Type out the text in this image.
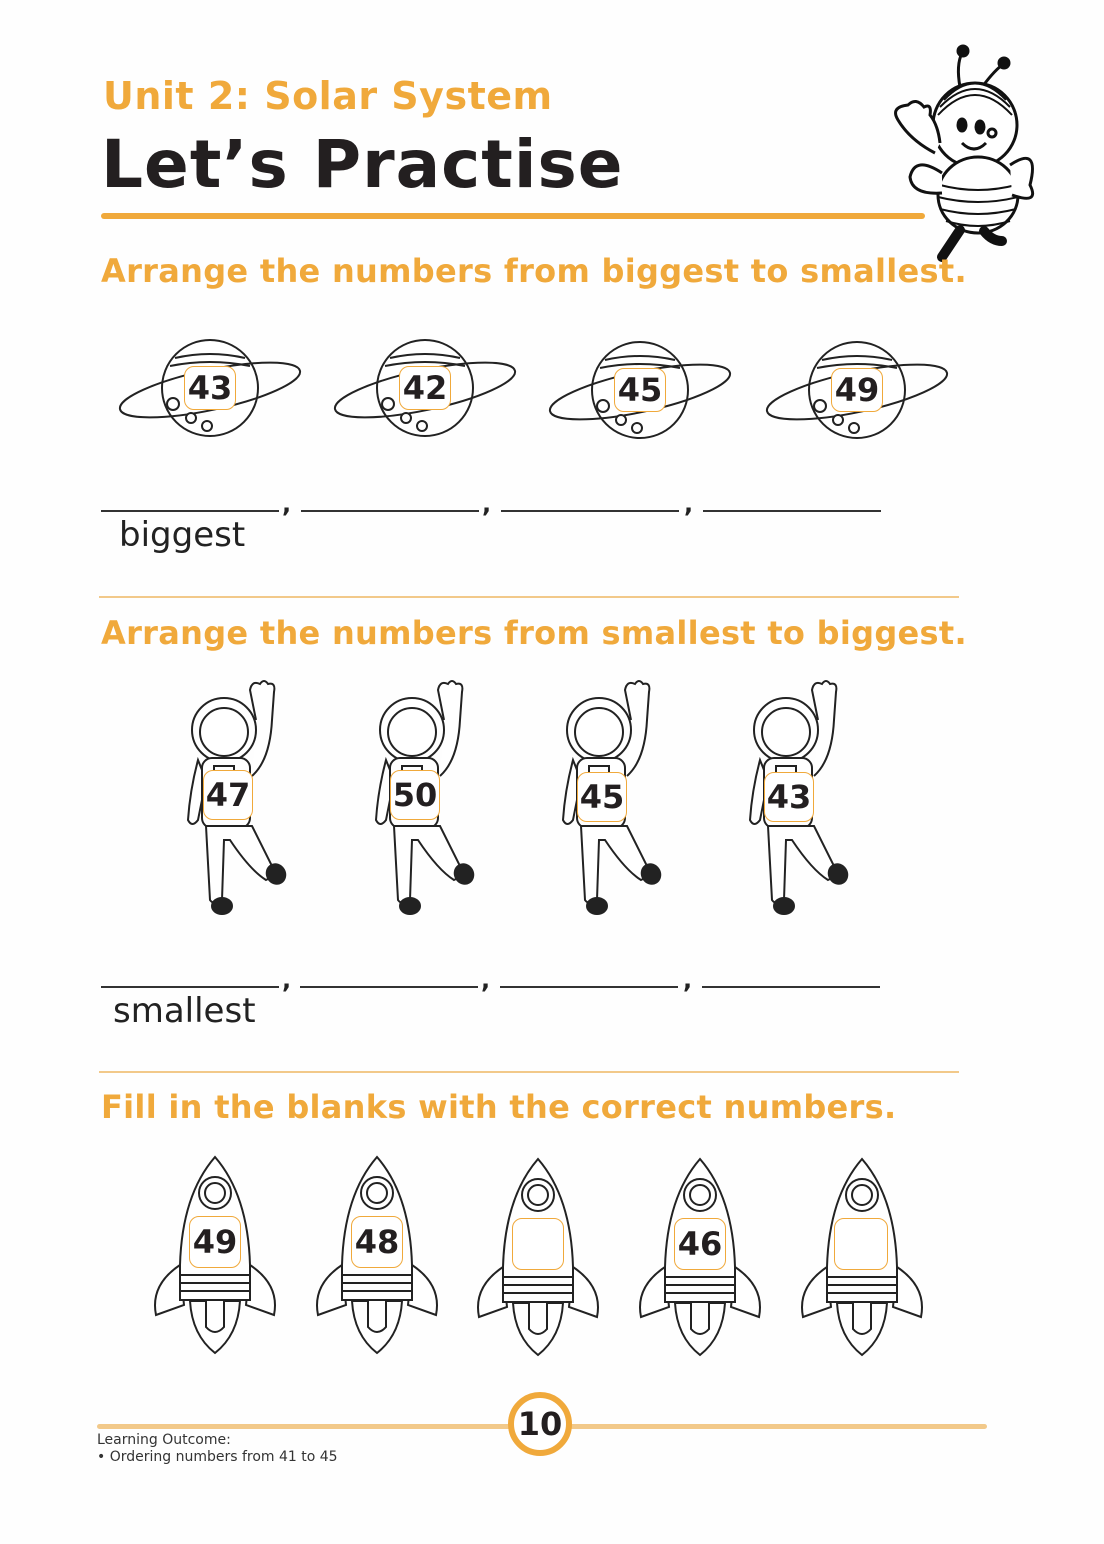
Unit 2: Solar System
Let’s Practise
Arrange the numbers from biggest to smallest.
43	42	45	49
,	,	,
biggest
Arrange the numbers from smallest to biggest.
47	50	45	43
,	,	,
smallest
Fill in the blanks with the correct numbers.
49	48	46
10
Learning Outcome:
• Ordering numbers from 41 to 45
